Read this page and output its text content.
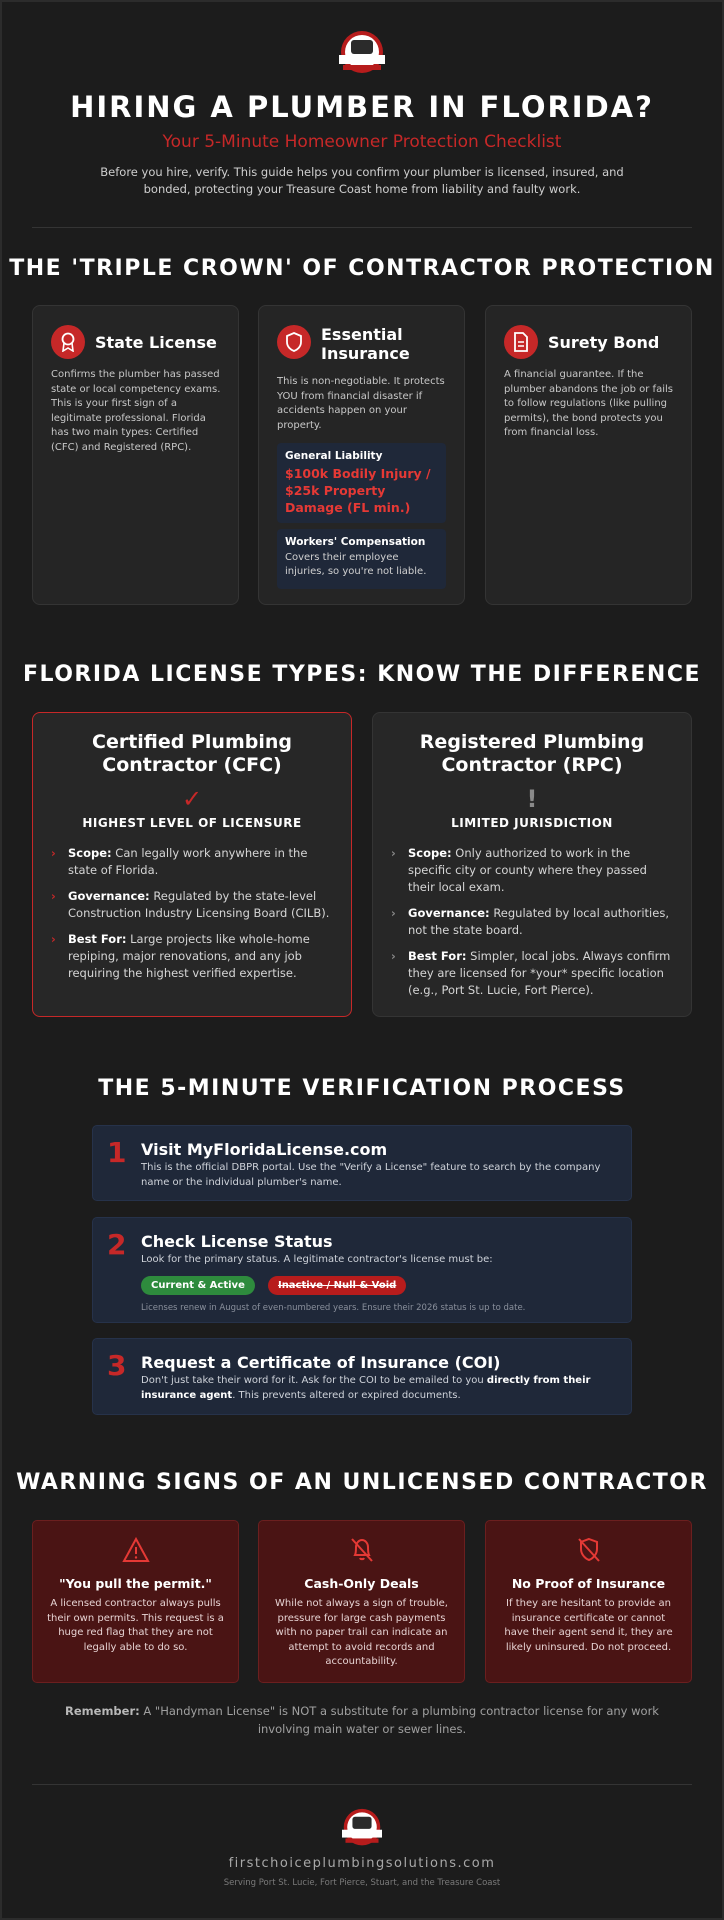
HIRING A PLUMBER IN FLORIDA?
Your 5-Minute Homeowner Protection Checklist
Before you hire, verify. This guide helps you confirm your plumber is licensed, insured, and bonded, protecting your Treasure Coast home from liability and faulty work.
THE 'TRIPLE CROWN' OF CONTRACTOR PROTECTION
State License
Confirms the plumber has passed state or local competency exams. This is your first sign of a legitimate professional. Florida has two main types: Certified (CFC) and Registered (RPC).
Essential Insurance
This is non-negotiable. It protects YOU from financial disaster if accidents happen on your property.
General Liability
$100k Bodily Injury / $25k Property Damage (FL min.)
Workers' Compensation
Covers their employee injuries, so you're not liable.
Surety Bond
A financial guarantee. If the plumber abandons the job or fails to follow regulations (like pulling permits), the bond protects you from financial loss.
FLORIDA LICENSE TYPES: KNOW THE DIFFERENCE
Certified Plumbing Contractor (CFC)
✓
HIGHEST LEVEL OF LICENSURE
› Scope: Can legally work anywhere in the state of Florida.
› Governance: Regulated by the state-level Construction Industry Licensing Board (CILB).
› Best For: Large projects like whole-home repiping, major renovations, and any job requiring the highest verified expertise.
Registered Plumbing Contractor (RPC)
!
LIMITED JURISDICTION
› Scope: Only authorized to work in the specific city or county where they passed their local exam.
› Governance: Regulated by local authorities, not the state board.
› Best For: Simpler, local jobs. Always confirm they are licensed for *your* specific location (e.g., Port St. Lucie, Fort Pierce).
THE 5-MINUTE VERIFICATION PROCESS
1 Visit MyFloridaLicense.com
This is the official DBPR portal. Use the "Verify a License" feature to search by the company name or the individual plumber's name.
2 Check License Status
Look for the primary status. A legitimate contractor's license must be:
Current & Active	Inactive / Null & Void
Licenses renew in August of even-numbered years. Ensure their 2026 status is up to date.
3 Request a Certificate of Insurance (COI)
Don't just take their word for it. Ask for the COI to be emailed to you directly from their insurance agent. This prevents altered or expired documents.
WARNING SIGNS OF AN UNLICENSED CONTRACTOR
"You pull the permit."
A licensed contractor always pulls their own permits. This request is a huge red flag that they are not legally able to do so.
Cash-Only Deals
While not always a sign of trouble, pressure for large cash payments with no paper trail can indicate an attempt to avoid records and accountability.
No Proof of Insurance
If they are hesitant to provide an insurance certificate or cannot have their agent send it, they are likely uninsured. Do not proceed.
Remember: A "Handyman License" is NOT a substitute for a plumbing contractor license for any work involving main water or sewer lines.
firstchoiceplumbingsolutions.com
Serving Port St. Lucie, Fort Pierce, Stuart, and the Treasure Coast
